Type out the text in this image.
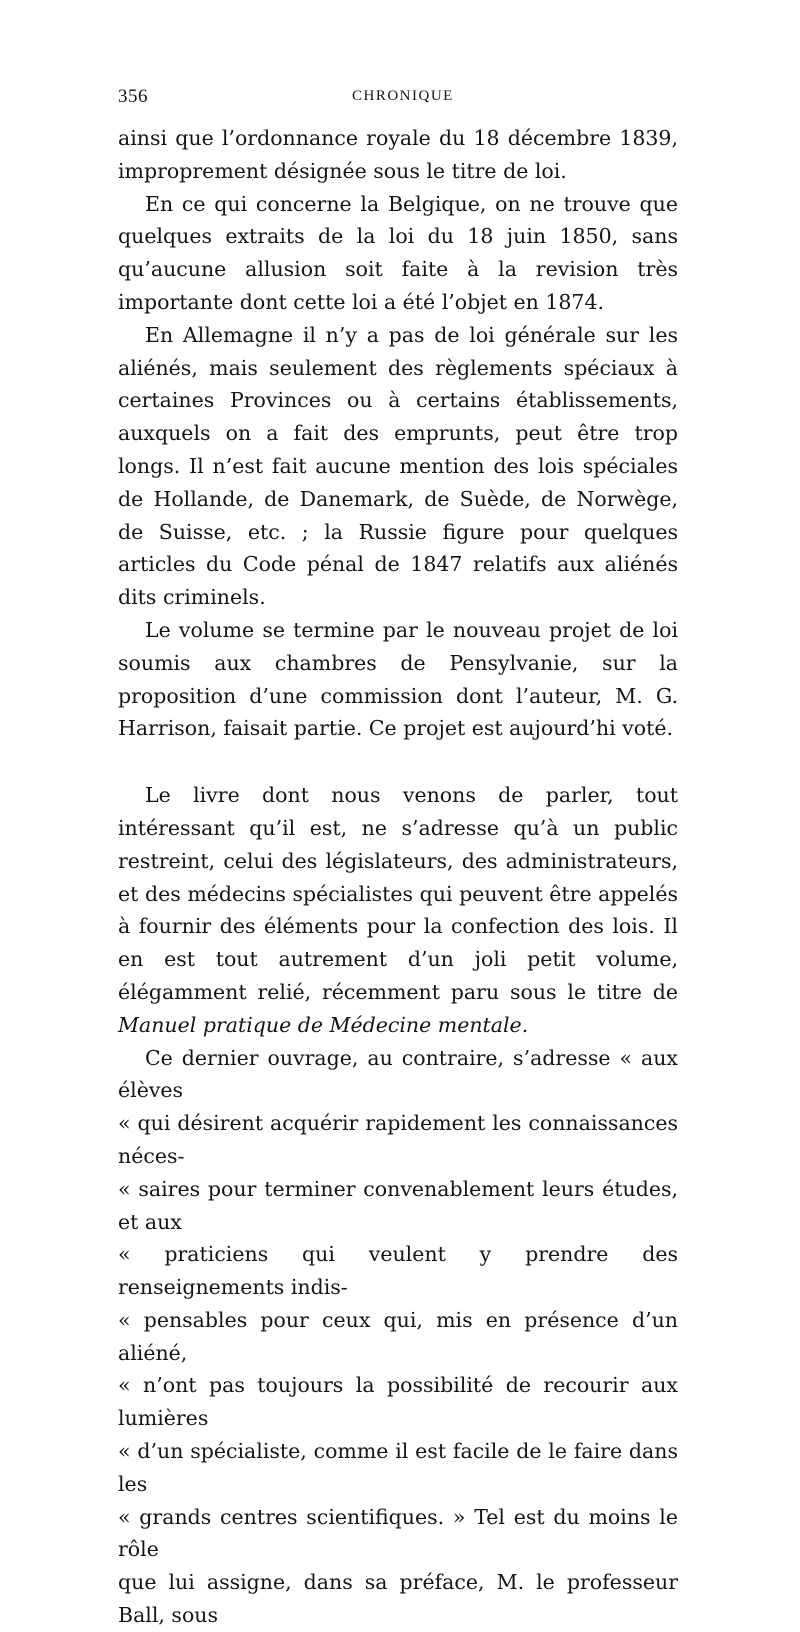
356	CHRONIQUE

ainsi que l’ordonnance royale du 18 décembre 1839, improprement désignée sous le titre de loi.

En ce qui concerne la Belgique, on ne trouve que quelques extraits de la loi du 18 juin 1850, sans qu’aucune allusion soit faite à la revision très importante dont cette loi a été l’objet en 1874.

En Allemagne il n’y a pas de loi générale sur les aliénés, mais seulement des règlements spéciaux à certaines Provinces ou à certains établissements, auxquels on a fait des emprunts, peut être trop longs. Il n’est fait aucune mention des lois spéciales de Hollande, de Danemark, de Suède, de Norwège, de Suisse, etc. ; la Russie figure pour quelques articles du Code pénal de 1847 relatifs aux aliénés dits criminels.

Le volume se termine par le nouveau projet de loi soumis aux chambres de Pensylvanie, sur la proposition d’une commission dont l’auteur, M. G. Harrison, faisait partie. Ce projet est aujourd’hi voté.

Le livre dont nous venons de parler, tout intéressant qu’il est, ne s’adresse qu’à un public restreint, celui des législateurs, des administrateurs, et des médecins spécialistes qui peuvent être appelés à fournir des éléments pour la confection des lois. Il en est tout autrement d’un joli petit volume, élégamment relié, récemment paru sous le titre de Manuel pratique de Médecine mentale.

Ce dernier ouvrage, au contraire, s’adresse « aux élèves
« qui désirent acquérir rapidement les connaissances néces-
« saires pour terminer convenablement leurs études, et aux
« praticiens qui veulent y prendre des renseignements indis-
« pensables pour ceux qui, mis en présence d’un aliéné,
« n’ont pas toujours la possibilité de recourir aux lumières
« d’un spécialiste, comme il est facile de le faire dans les
« grands centres scientifiques. » Tel est du moins le rôle
que lui assigne, dans sa préface, M. le professeur Ball, sous
